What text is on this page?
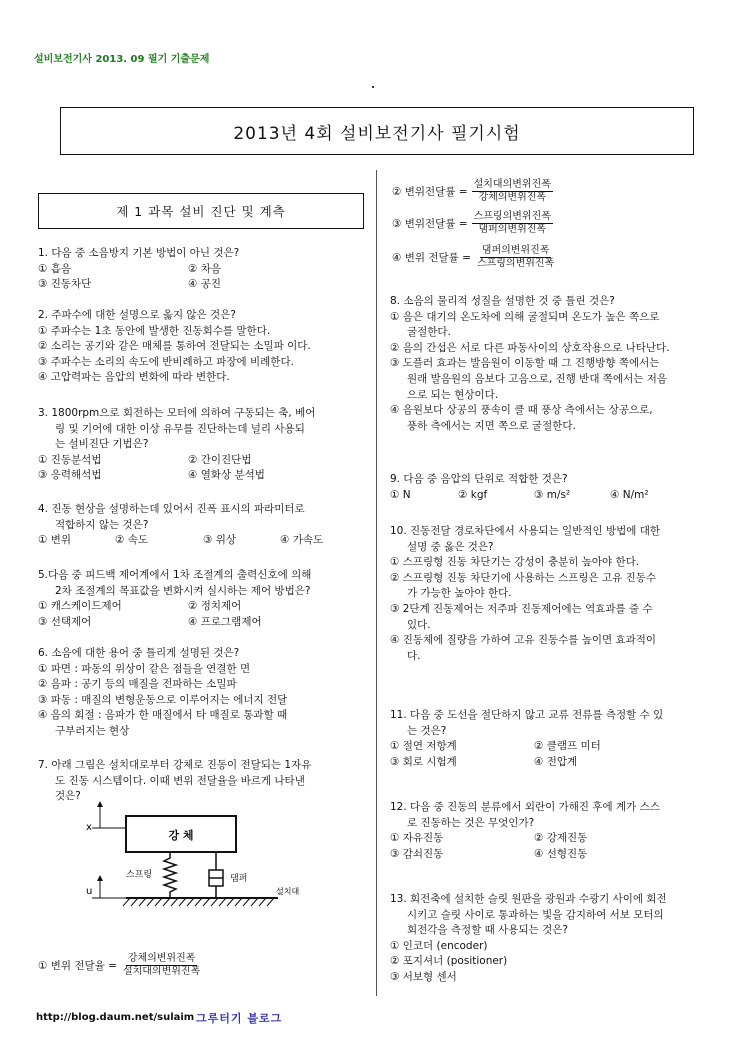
설비보전기사 2013. 09 필기 기출문제
2013년 4회 설비보전기사 필기시험
제 1 과목 설비 진단 및 계측

1. 다음 중 소음방지 기본 방법이 아닌 것은?

① 흡음	② 차음
③ 진동차단	④ 공진

2. 주파수에 대한 설명으로 옳지 않은 것은?

① 주파수는 1초 동안에 발생한 진동회수를 말한다.

② 소리는 공기와 같은 매체를 통하여 전달되는 소밀파 이다.

③ 주파수는 소리의 속도에 반비례하고 파장에 비례한다.

④ 고압력파는 음압의 변화에 따라 변한다.

3. 1800rpm으로 회전하는 모터에 의하여 구동되는 축, 베어

링 및 기어에 대한 이상 유무를 진단하는데 널리 사용되

는 설비진단 기법은?

① 진동분석법	② 간이진단법
③ 응력해석법	④ 열화상 분석법

4. 진동 현상을 설명하는데 있어서 진폭 표시의 파라미터로

적합하지 않는 것은?

① 변위	② 속도	③ 위상	④ 가속도

5.다음 중 피드백 제어계에서 1차 조절계의 출력신호에 의해

2차 조절계의 목표값을 변화시켜 실시하는 제어 방법은?

① 캐스케이드제어	② 정치제어
③ 선택제어	④ 프로그램제어

6. 소음에 대한 용어 중 틀리게 설명된 것은?

① 파면 : 파동의 위상이 같은 점들을 연결한 면

② 음파 : 공기 등의 매질을 전파하는 소밀파

③ 파동 : 매질의 변형운동으로 이루어지는 에너지 전달

④ 음의 회절 : 음파가 한 매질에서 타 매질로 통과할 때

구부러지는 현상

7. 아래 그림은 설치대로부터 강체로 진동이 전달되는 1자유

도 진동 시스템이다. 이때 변위 전달율을 바르게 나타낸

것은?

x
강 체
스프링	댐퍼
u	설치대
① 변위 전달율 = $\frac{\text{강체의변위진폭}}{\text{설치대의변위진폭}}$
② 변위전달률 = $\frac{\text{설치대의변위진폭}}{\text{강체의변위진폭}}$
③ 변위전달률 = $\frac{\text{스프링의변위진폭}}{\text{댐퍼의변위진폭}}$
④ 변위 전달률 = $\frac{\text{댐퍼의변위진폭}}{\text{스프링의변위진폭}}$

8. 소음의 물리적 성질을 설명한 것 중 틀린 것은?

① 음은 대기의 온도차에 의해 굴절되며 온도가 높은 쪽으로

굴절한다.

② 음의 간섭은 서로 다른 파동사이의 상호작용으로 나타난다.

③ 도플러 효과는 발음원이 이동할 때 그 진행방향 쪽에서는

원래 발음원의 음보다 고음으로, 진행 반대 쪽에서는 저음

으로 되는 현상이다.

④ 음원보다 상공의 풍속이 클 때 풍상 측에서는 상공으로,

풍하 측에서는 지면 쪽으로 굴절한다.

9. 다음 중 음압의 단위로 적합한 것은?

① N	② kgf	③ m/s²	④ N/m²

10. 진동전달 경로차단에서 사용되는 일반적인 방법에 대한

설명 중 옳은 것은?

① 스프링형 진동 차단기는 강성이 충분히 높아야 한다.

② 스프링형 진동 차단기에 사용하는 스프링은 고유 진동수

가 가능한 높아야 한다.

③ 2단계 진동제어는 저주파 진동제어에는 역효과를 줄 수

있다.

④ 진동체에 질량을 가하여 고유 진동수를 높이면 효과적이

다.

11. 다음 중 도선을 절단하지 않고 교류 전류를 측정할 수 있

는 것은?

① 절연 저항계	② 클램프 미터
③ 회로 시험계	④ 전압계

12. 다음 중 진동의 분류에서 외란이 가해진 후에 계가 스스

로 진동하는 것은 무엇인가?

① 자유진동	② 강제진동
③ 감쇠진동	④ 선형진동

13. 회전축에 설치한 슬릿 원판을 광원과 수광기 사이에 회전

시키고 슬릿 사이로 통과하는 빛을 감지하여 서보 모터의

회전각을 측정할 때 사용되는 것은?

① 인코더 (encoder)

② 포지셔너 (positioner)

③ 서보형 센서

http://blog.daum.net/sulaim 그루터기 블로그
